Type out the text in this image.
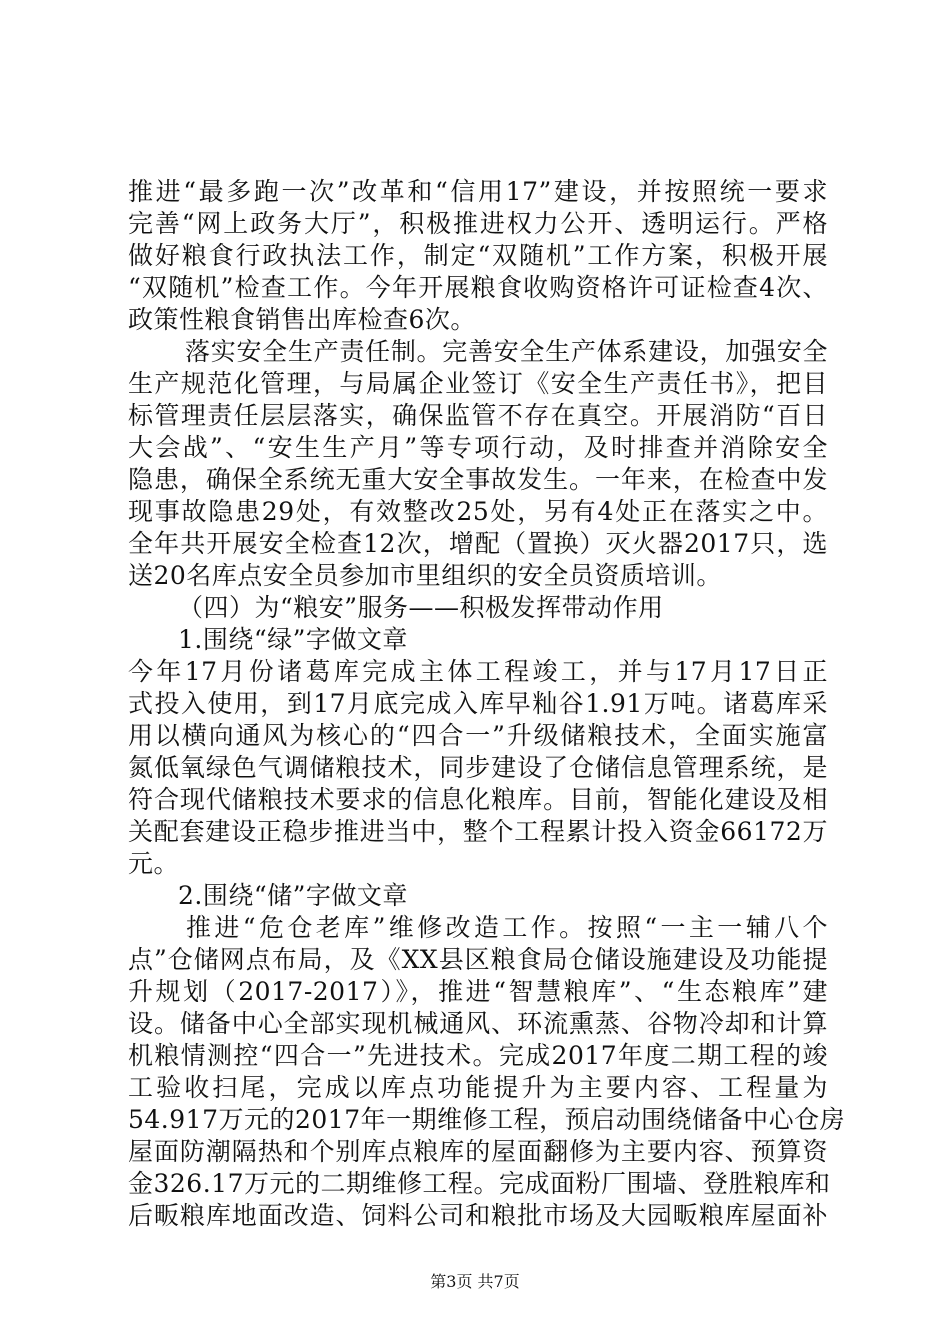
推进“最多跑一次”改革和“信用17”建设，并按照统一要求
完善“网上政务大厅”，积极推进权力公开、透明运行。严格
做好粮食行政执法工作，制定“双随机”工作方案，积极开展
“双随机”检查工作。今年开展粮食收购资格许可证检查4次、
政策性粮食销售出库检查6次。
落实安全生产责任制。完善安全生产体系建设，加强安全
生产规范化管理，与局属企业签订《安全生产责任书》，把目
标管理责任层层落实，确保监管不存在真空。开展消防“百日
大会战”、“安生生产月”等专项行动，及时排查并消除安全
隐患，确保全系统无重大安全事故发生。一年来，在检查中发
现事故隐患29处，有效整改25处，另有4处正在落实之中。
全年共开展安全检查12次，增配（置换）灭火器2017只，选
送20名库点安全员参加市里组织的安全员资质培训。
（四）为“粮安”服务——积极发挥带动作用
1.围绕“绿”字做文章
今年17月份诸葛库完成主体工程竣工，并与17月17日正
式投入使用，到17月底完成入库早籼谷1.91万吨。诸葛库采
用以横向通风为核心的“四合一”升级储粮技术，全面实施富
氮低氧绿色气调储粮技术，同步建设了仓储信息管理系统，是
符合现代储粮技术要求的信息化粮库。目前，智能化建设及相
关配套建设正稳步推进当中，整个工程累计投入资金66172万
元。
2.围绕“储”字做文章
推进“危仓老库”维修改造工作。按照“一主一辅八个
点”仓储网点布局，及《XX县区粮食局仓储设施建设及功能提
升规划（2017-2017）》，推进“智慧粮库”、“生态粮库”建
设。储备中心全部实现机械通风、环流熏蒸、谷物冷却和计算
机粮情测控“四合一”先进技术。完成2017年度二期工程的竣
工验收扫尾，完成以库点功能提升为主要内容、工程量为
54.917万元的2017年一期维修工程，预启动围绕储备中心仓房
屋面防潮隔热和个别库点粮库的屋面翻修为主要内容、预算资
金326.17万元的二期维修工程。完成面粉厂围墙、登胜粮库和
后畈粮库地面改造、饲料公司和粮批市场及大园畈粮库屋面补
第3页 共7页
